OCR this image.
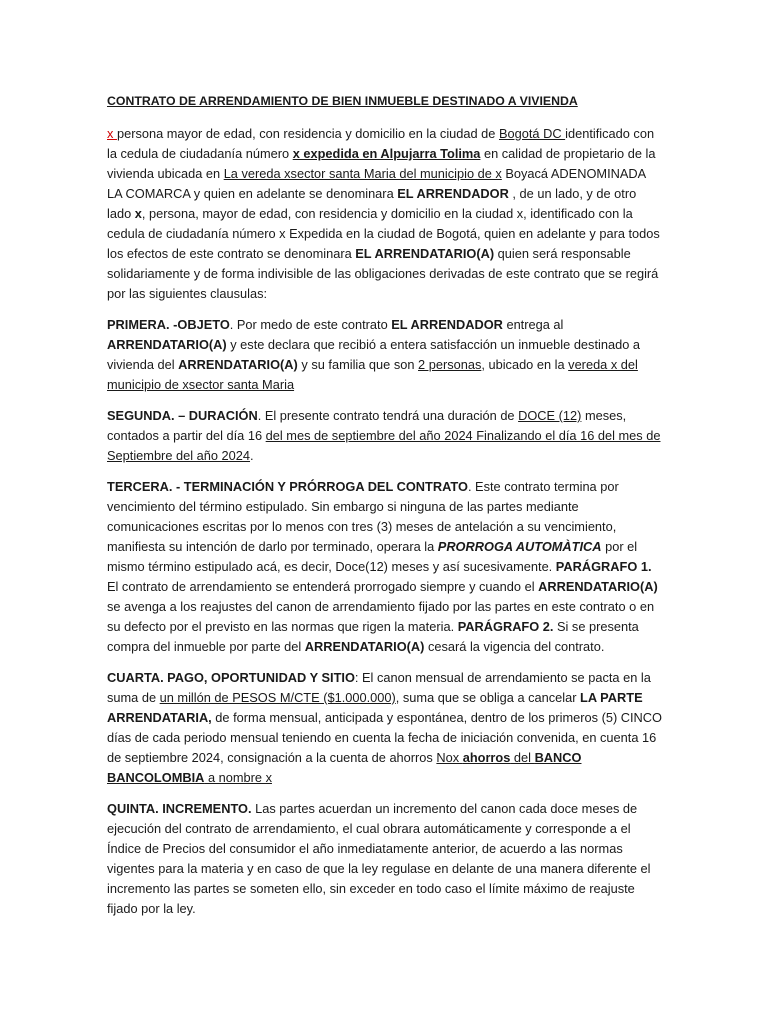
CONTRATO DE ARRENDAMIENTO DE BIEN INMUEBLE DESTINADO A VIVIENDA

x persona mayor de edad, con residencia y domicilio en la ciudad de Bogotá DC identificado con la cedula de ciudadanía número x expedida en Alpujarra Tolima en calidad de propietario de la vivienda ubicada en La vereda xsector santa Maria del municipio de x Boyacá ADENOMINADA LA COMARCA y quien en adelante se denominara EL ARRENDADOR , de un lado, y de otro lado x, persona, mayor de edad, con residencia y domicilio en la ciudad x, identificado con la cedula de ciudadanía número x Expedida en la ciudad de Bogotá, quien en adelante y para todos los efectos de este contrato se denominara EL ARRENDATARIO(A) quien será responsable solidariamente y de forma indivisible de las obligaciones derivadas de este contrato que se regirá por las siguientes clausulas:

PRIMERA. -OBJETO. Por medo de este contrato EL ARRENDADOR entrega al ARRENDATARIO(A) y este declara que recibió a entera satisfacción un inmueble destinado a vivienda del ARRENDATARIO(A) y su familia que son 2 personas, ubicado en la vereda x del municipio de xsector santa Maria

SEGUNDA. – DURACIÓN. El presente contrato tendrá una duración de DOCE (12) meses, contados a partir del día 16 del mes de septiembre del año 2024 Finalizando el día 16 del mes de Septiembre del año 2024.

TERCERA. - TERMINACIÓN Y PRÓRROGA DEL CONTRATO. Este contrato termina por vencimiento del término estipulado. Sin embargo si ninguna de las partes mediante comunicaciones escritas por lo menos con tres (3) meses de antelación a su vencimiento, manifiesta su intención de darlo por terminado, operara la PRORROGA AUTOMÀTICA por el mismo término estipulado acá, es decir, Doce(12) meses y así sucesivamente. PARÁGRAFO 1. El contrato de arrendamiento se entenderá prorrogado siempre y cuando el ARRENDATARIO(A) se avenga a los reajustes del canon de arrendamiento fijado por las partes en este contrato o en su defecto por el previsto en las normas que rigen la materia. PARÁGRAFO 2. Si se presenta compra del inmueble por parte del ARRENDATARIO(A) cesará la vigencia del contrato.

CUARTA. PAGO, OPORTUNIDAD Y SITIO: El canon mensual de arrendamiento se pacta en la suma de un millón de PESOS M/CTE ($1.000.000), suma que se obliga a cancelar LA PARTE ARRENDATARIA, de forma mensual, anticipada y espontánea, dentro de los primeros (5) CINCO días de cada periodo mensual teniendo en cuenta la fecha de iniciación convenida, en cuenta 16 de septiembre 2024, consignación a la cuenta de ahorros Nox ahorros del BANCO BANCOLOMBIA a nombre x

QUINTA. INCREMENTO. Las partes acuerdan un incremento del canon cada doce meses de ejecución del contrato de arrendamiento, el cual obrara automáticamente y corresponde a el Índice de Precios del consumidor el año inmediatamente anterior, de acuerdo a las normas vigentes para la materia y en caso de que la ley regulase en delante de una manera diferente el incremento las partes se someten ello, sin exceder en todo caso el límite máximo de reajuste fijado por la ley.
